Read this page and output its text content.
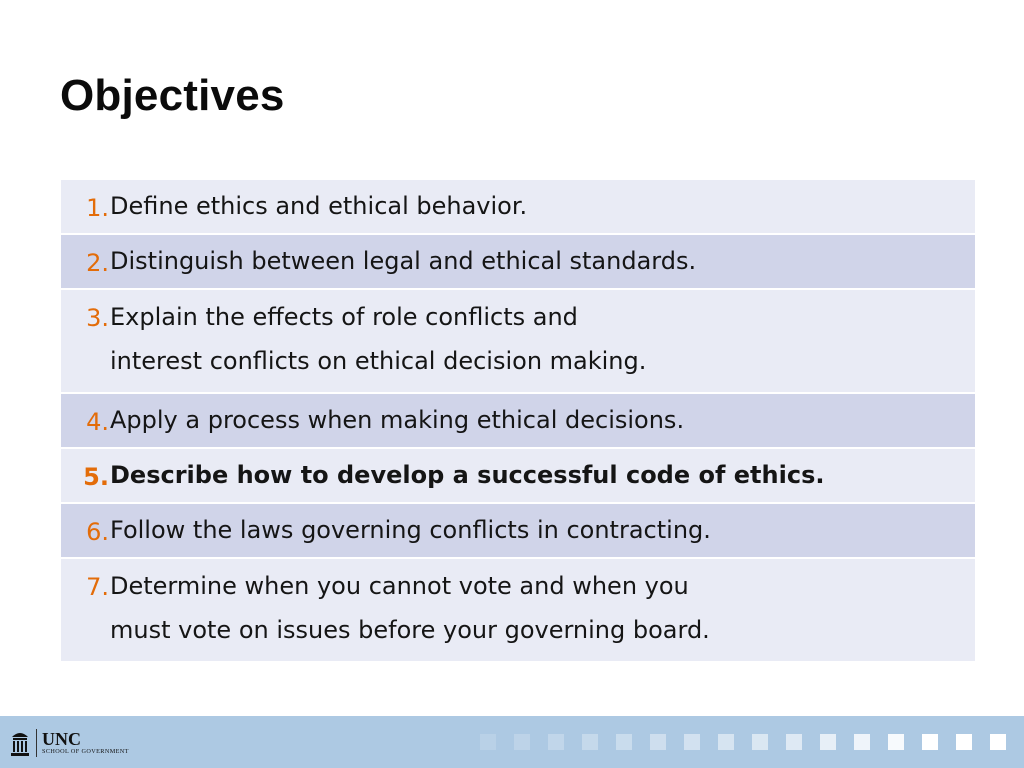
Objectives
1.	Define ethics and ethical behavior.

2.	Distinguish between legal and ethical standards.

3.	Explain the effects of role conflicts and
interest conflicts on ethical decision making.

4.	Apply a process when making ethical decisions.

5.	Describe how to develop a successful code of ethics.

6.	Follow the laws governing conflicts in contracting.

7.	Determine when you cannot vote and when you
must vote on issues before your governing board.
UNC
SCHOOL OF GOVERNMENT
